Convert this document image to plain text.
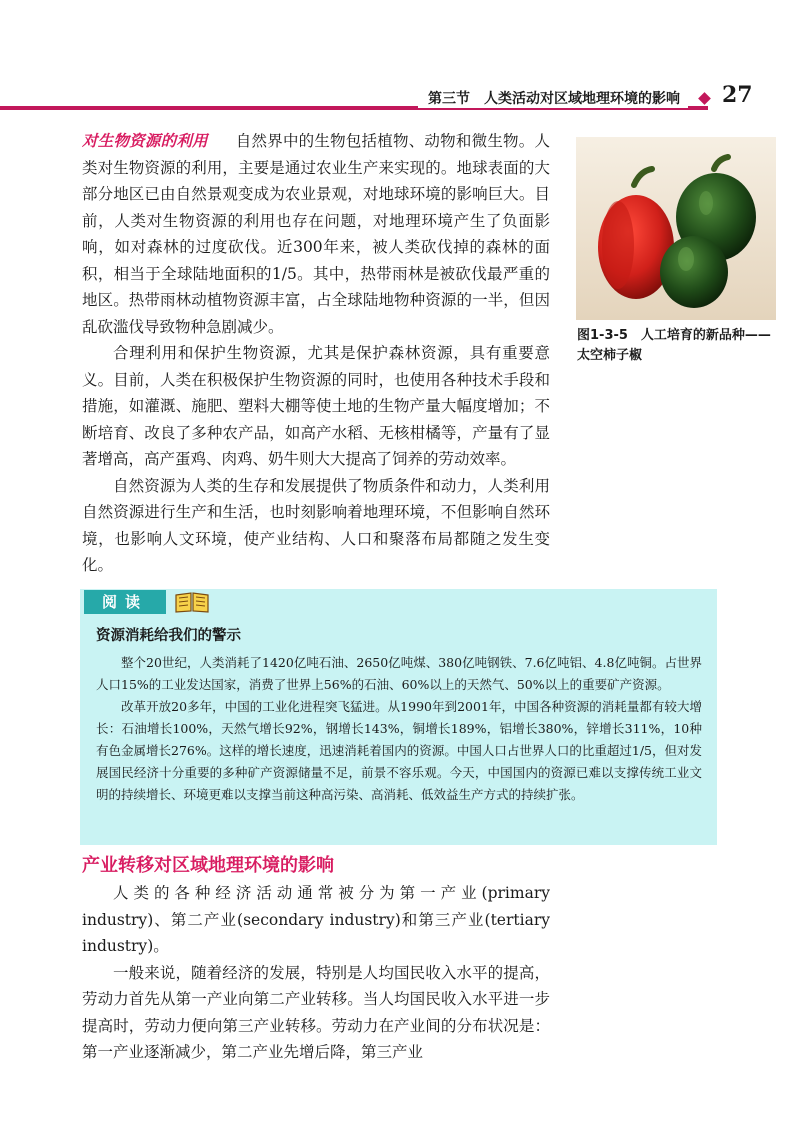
第三节　人类活动对区域地理环境的影响	27

对生物资源的利用 自然界中的生物包括植物、动物和微生物。人类对生物资源的利用，主要是通过农业生产来实现的。地球表面的大部分地区已由自然景观变成为农业景观，对地球环境的影响巨大。目前，人类对生物资源的利用也存在问题，对地理环境产生了负面影响，如对森林的过度砍伐。近300年来，被人类砍伐掉的森林的面积，相当于全球陆地面积的1/5。其中，热带雨林是被砍伐最严重的地区。热带雨林动植物资源丰富，占全球陆地物种资源的一半，但因乱砍滥伐导致物种急剧减少。

合理利用和保护生物资源，尤其是保护森林资源，具有重要意义。目前，人类在积极保护生物资源的同时，也使用各种技术手段和措施，如灌溉、施肥、塑料大棚等使土地的生物产量大幅度增加；不断培育、改良了多种农产品，如高产水稻、无核柑橘等，产量有了显著增高，高产蛋鸡、肉鸡、奶牛则大大提高了饲养的劳动效率。

自然资源为人类的生存和发展提供了物质条件和动力，人类利用自然资源进行生产和生活，也时刻影响着地理环境，不但影响自然环境，也影响人文环境，使产业结构、人口和聚落布局都随之发生变化。

图1-3-5　人工培育的新品种——太空柿子椒
阅读
资源消耗给我们的警示

整个20世纪，人类消耗了1420亿吨石油、2650亿吨煤、380亿吨钢铁、7.6亿吨铝、4.8亿吨铜。占世界人口15%的工业发达国家，消费了世界上56%的石油、60%以上的天然气、50%以上的重要矿产资源。

改革开放20多年，中国的工业化进程突飞猛进。从1990年到2001年，中国各种资源的消耗量都有较大增长：石油增长100%，天然气增长92%，钢增长143%，铜增长189%，铝增长380%，锌增长311%，10种有色金属增长276%。这样的增长速度，迅速消耗着国内的资源。中国人口占世界人口的比重超过1/5，但对发展国民经济十分重要的多种矿产资源储量不足，前景不容乐观。今天，中国国内的资源已难以支撑传统工业文明的持续增长、环境更难以支撑当前这种高污染、高消耗、低效益生产方式的持续扩张。

产业转移对区域地理环境的影响

人类的各种经济活动通常被分为第一产业(primary industry)、第二产业(secondary industry)和第三产业(tertiary industry)。

一般来说，随着经济的发展，特别是人均国民收入水平的提高，劳动力首先从第一产业向第二产业转移。当人均国民收入水平进一步提高时，劳动力便向第三产业转移。劳动力在产业间的分布状况是：第一产业逐渐减少，第二产业先增后降，第三产业
